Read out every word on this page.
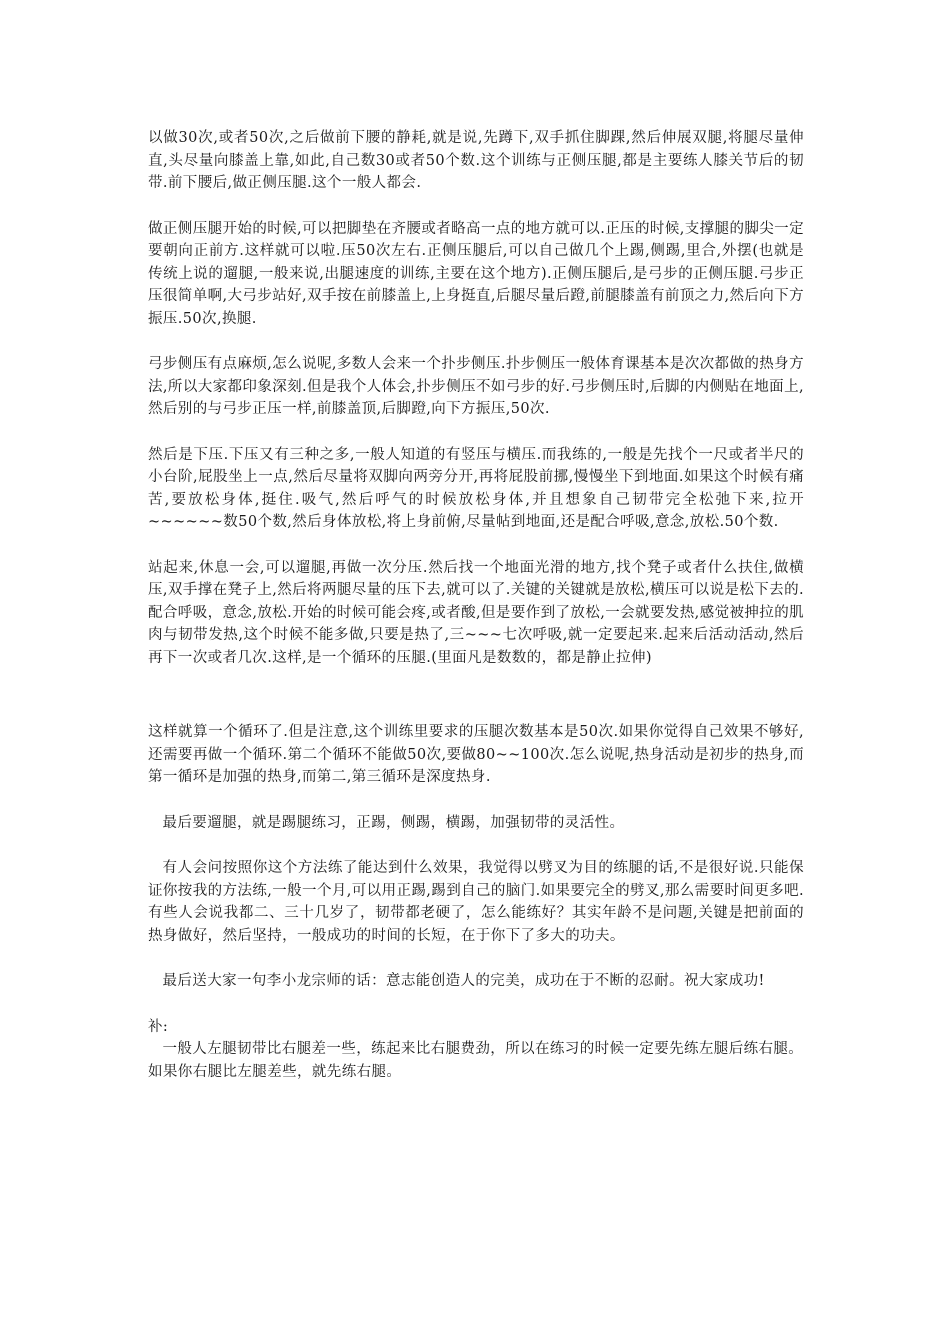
以做30次,或者50次,之后做前下腰的静耗,就是说,先蹲下,双手抓住脚踝,然后伸展双腿,将腿尽量伸直,头尽量向膝盖上靠,如此,自己数30或者50个数.这个训练与正侧压腿,都是主要练人膝关节后的韧带.前下腰后,做正侧压腿.这个一般人都会.

做正侧压腿开始的时候,可以把脚垫在齐腰或者略高一点的地方就可以.正压的时候,支撑腿的脚尖一定要朝向正前方.这样就可以啦.压50次左右.正侧压腿后,可以自己做几个上踢,侧踢,里合,外摆(也就是传统上说的遛腿,一般来说,出腿速度的训练,主要在这个地方).正侧压腿后,是弓步的正侧压腿.弓步正压很简单啊,大弓步站好,双手按在前膝盖上,上身挺直,后腿尽量后蹬,前腿膝盖有前顶之力,然后向下方振压.50次,换腿.

弓步侧压有点麻烦,怎么说呢,多数人会来一个扑步侧压.扑步侧压一般体育课基本是次次都做的热身方法,所以大家都印象深刻.但是我个人体会,扑步侧压不如弓步的好.弓步侧压时,后脚的内侧贴在地面上,然后别的与弓步正压一样,前膝盖顶,后脚蹬,向下方振压,50次.

然后是下压.下压又有三种之多,一般人知道的有竖压与横压.而我练的,一般是先找个一尺或者半尺的小台阶,屁股坐上一点,然后尽量将双脚向两旁分开,再将屁股前挪,慢慢坐下到地面.如果这个时候有痛苦,要放松身体,挺住.吸气,然后呼气的时候放松身体,并且想象自己韧带完全松弛下来,拉开~~~~~~数50个数,然后身体放松,将上身前俯,尽量帖到地面,还是配合呼吸,意念,放松.50个数.

站起来,休息一会,可以遛腿,再做一次分压.然后找一个地面光滑的地方,找个凳子或者什么扶住,做横压,双手撑在凳子上,然后将两腿尽量的压下去,就可以了.关键的关键就是放松,横压可以说是松下去的.配合呼吸，意念,放松.开始的时候可能会疼,或者酸,但是要作到了放松,一会就要发热,感觉被抻拉的肌肉与韧带发热,这个时候不能多做,只要是热了,三~~~七次呼吸,就一定要起来.起来后活动活动,然后再下一次或者几次.这样,是一个循环的压腿.(里面凡是数数的，都是静止拉伸)

这样就算一个循环了.但是注意,这个训练里要求的压腿次数基本是50次.如果你觉得自己效果不够好,还需要再做一个循环.第二个循环不能做50次,要做80~~100次.怎么说呢,热身活动是初步的热身,而第一循环是加强的热身,而第二,第三循环是深度热身.

最后要遛腿，就是踢腿练习，正踢，侧踢，横踢，加强韧带的灵活性。

有人会问按照你这个方法练了能达到什么效果，我觉得以劈叉为目的练腿的话,不是很好说.只能保证你按我的方法练,一般一个月,可以用正踢,踢到自己的脑门.如果要完全的劈叉,那么需要时间更多吧.有些人会说我都二、三十几岁了，韧带都老硬了，怎么能练好？其实年龄不是问题,关键是把前面的热身做好，然后坚持，一般成功的时间的长短，在于你下了多大的功夫。

最后送大家一句李小龙宗师的话：意志能创造人的完美，成功在于不断的忍耐。祝大家成功!

补:

一般人左腿韧带比右腿差一些，练起来比右腿费劲，所以在练习的时候一定要先练左腿后练右腿。如果你右腿比左腿差些，就先练右腿。
